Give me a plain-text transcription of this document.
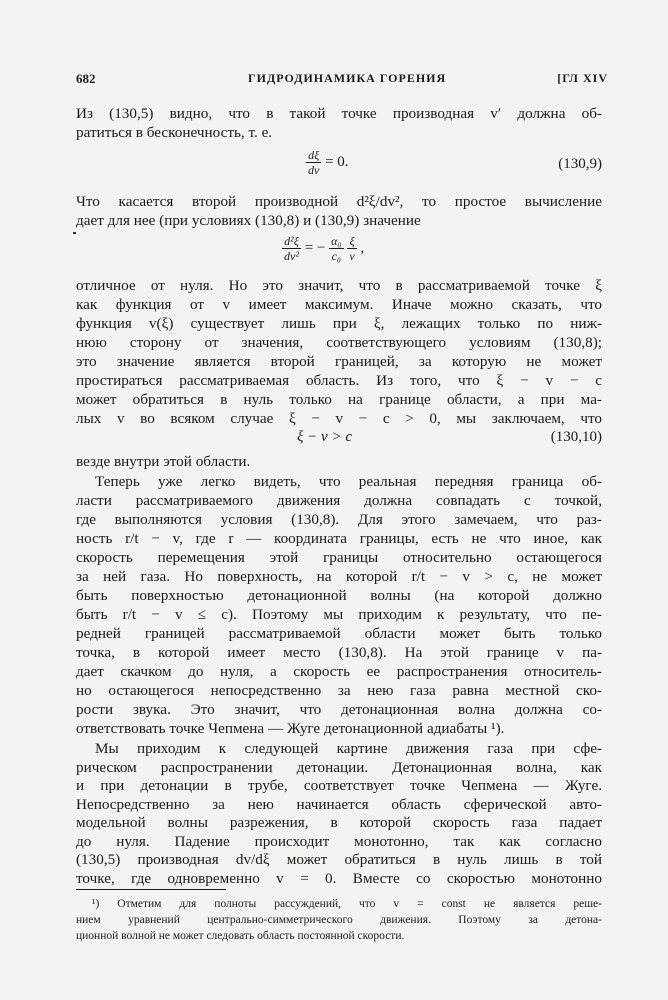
682	ГИДРОДИНАМИКА ГОРЕНИЯ	[ГЛ XIV
Из (130,5) видно, что в такой точке производная v′ должна об-
ратиться в бесконечность, т. е.
$\frac{d\xi}{dv} = 0$.	(130,9)
Что касается второй производной d²ξ/dv², то простое вычисление
дает для нее (при условиях (130,8) и (130,9) значение
$\frac{\text{d²ξ}}{\text{dv²}}$ = − $\frac{\text{α₀}}{\text{c₀}}$
$\frac{\xi}{v}$ ,
отличное от нуля. Но это значит, что в рассматриваемой точке ξ
как функция от v имеет максимум. Иначе можно сказать, что
функция v(ξ) существует лишь при ξ, лежащих только по ниж-
нюю сторону от значения, соответствующего условиям (130,8);
это значение является второй границей, за которую не может
простираться рассматриваемая область. Из того, что ξ − v − c
может обратиться в нуль только на границе области, а при ма-
лых v во всяком случае ξ − v − c > 0, мы заключаем, что
ξ − v > c	(130,10)
везде внутри этой области.
Теперь уже легко видеть, что реальная передняя граница об-
ласти рассматриваемого движения должна совпадать с точкой,
где выполняются условия (130,8). Для этого замечаем, что раз-
ность r/t − v, где r — координата границы, есть не что иное, как
скорость перемещения этой границы относительно остающегося
за ней газа. Но поверхность, на которой r/t − v > c, не может
быть поверхностью детонационной волны (на которой должно
быть r/t − v ≤ c). Поэтому мы приходим к результату, что пе-
редней границей рассматриваемой области может быть только
точка, в которой имеет место (130,8). На этой границе v па-
дает скачком до нуля, а скорость ее распространения относитель-
но остающегося непосредственно за нею газа равна местной ско-
рости звука. Это значит, что детонационная волна должна со-
ответствовать точке Чепмена — Жуге детонационной адиабаты ¹).
Мы приходим к следующей картине движения газа при сфе-
рическом распространении детонации. Детонационная волна, как
и при детонации в трубе, соответствует точке Чепмена — Жуге.
Непосредственно за нею начинается область сферической авто-
модельной волны разрежения, в которой скорость газа падает
до нуля. Падение происходит монотонно, так как согласно
(130,5) производная dv/dξ может обратиться в нуль лишь в той
точке, где одновременно v = 0. Вместе со скоростью монотонно
¹) Отметим для полноты рассуждений, что v = const не является реше-
нием уравнений центрально-симметрического движения. Поэтому за детона-
ционной волной не может следовать область постоянной скорости.
